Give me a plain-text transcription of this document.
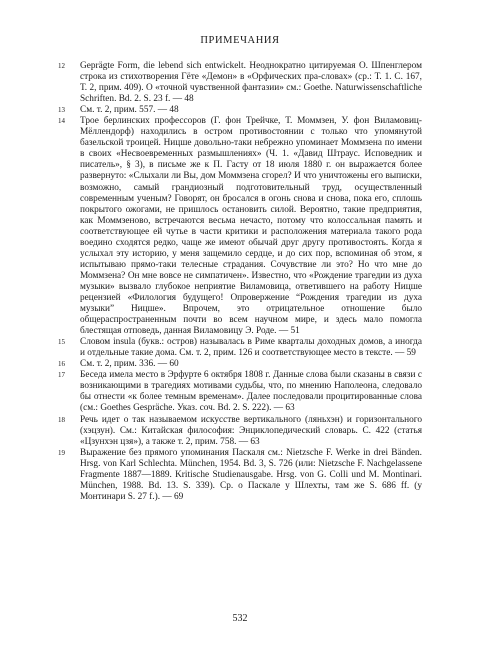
ПРИМЕЧАНИЯ
12	Geprägte Form, die lebend sich entwickelt. Неоднократно цитируемая О. Шпенглером строка из стихотворения Гёте «Демон» в «Орфических пра-словах» (ср.: Т. 1. С. 167, Т. 2, прим. 409). О «точной чувственной фантазии» см.: Goethe. Naturwissenschaftliche Schriften. Bd. 2. S. 23 f. — 48
13	См. т. 2, прим. 557. — 48
14	Трое берлинских профессоров (Г. фон Трейчке, Т. Моммзен, У. фон Виламовиц-Мёллендорф) находились в остром противостоянии с только что упомянутой базельской троицей. Ницше довольно-таки небрежно упоминает Моммзена по имени в своих «Несвоевременных размышлениях» (Ч. 1. «Давид Штраус. Исповедник и писатель», § 3), в письме же к П. Гасту от 18 июля 1880 г. он выражается более развернуто: «Слыхали ли Вы, дом Моммзена сгорел? И что уничтожены его выписки, возможно, самый грандиозный подготовительный труд, осуществленный современным ученым? Говорят, он бросался в огонь снова и снова, пока его, сплошь покрытого ожогами, не пришлось остановить силой. Вероятно, такие предприятия, как Моммзеново, встречаются весьма нечасто, потому что колоссальная память и соответствующее ей чутье в части критики и расположения материала такого рода воедино сходятся редко, чаще же имеют обычай друг другу противостоять. Когда я услыхал эту историю, у меня защемило сердце, и до сих пор, вспоминая об этом, я испытываю прямо-таки телесные страдания. Сочувствие ли это? Но что мне до Моммзена? Он мне вовсе не симпатичен». Известно, что «Рождение трагедии из духа музыки» вызвало глубокое неприятие Виламовица, ответившего на работу Ницше рецензией «Филология будущего! Опровержение “Рождения трагедии из духа музыки” Ницше». Впрочем, это отрицательное отношение было общераспространенным почти во всем научном мире, и здесь мало помогла блестящая отповедь, данная Виламовицу Э. Роде. — 51
15	Словом insula (букв.: остров) называлась в Риме кварталы доходных домов, а иногда и отдельные такие дома. См. т. 2, прим. 126 и соответствующее место в тексте. — 59
16	См. т. 2, прим. 336. — 60
17	Беседа имела место в Эрфурте 6 октября 1808 г. Данные слова были сказаны в связи с возникающими в трагедиях мотивами судьбы, что, по мнению Наполеона, следовало бы отнести «к более темным временам». Далее последовали процитированные слова (см.: Goethes Gespräche. Указ. соч. Bd. 2. S. 222). — 63
18	Речь идет о так называемом искусстве вертикального (ляньхэн) и горизонтального (хэцзун). См.: Китайская философия: Энциклопедический словарь. С. 422 (статья «Цзунхэн цзя»), а также т. 2, прим. 758. — 63
19	Выражение без прямого упоминания Паскаля см.: Nietzsche F. Werke in drei Bänden. Hrsg. von Karl Schlechta. München, 1954. Bd. 3, S. 726 (или: Nietzsche F. Nachgelassene Fragmente 1887—1889. Kritische Studienausgabe. Hrsg. von G. Colli und M. Montinari. München, 1988. Bd. 13. S. 339). Ср. о Паскале у Шлехты, там же S. 686 ff. (у Монтинари S. 27 f.). — 69
532
